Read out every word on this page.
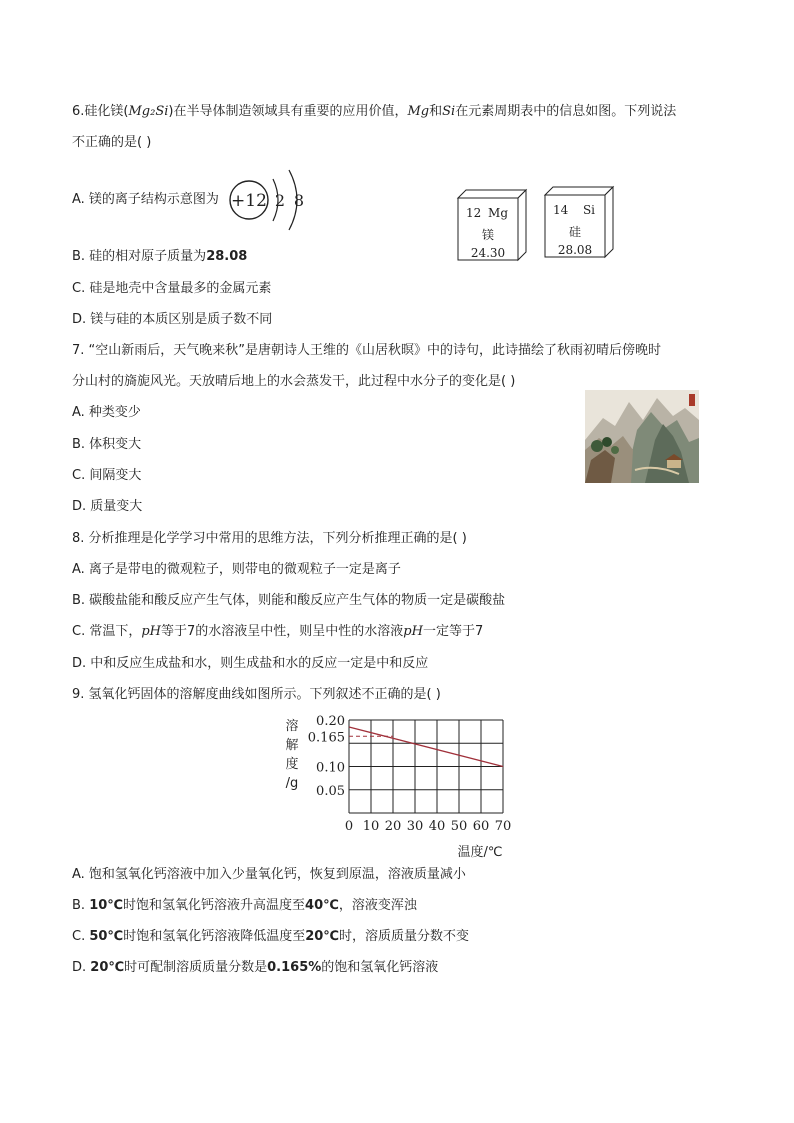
6.硅化镁(Mg₂Si)在半导体制造领域具有重要的应用价值，Mg和Si在元素周期表中的信息如图。下列说法
不正确的是( )
A. 镁的离子结构示意图为 +12 2 8
12 Mg
镁
24.30
14 Si
硅
28.08
B. 硅的相对原子质量为28.08
C. 硅是地壳中含量最多的金属元素
D. 镁与硅的本质区别是质子数不同
7. “空山新雨后，天气晚来秋”是唐朝诗人王维的《山居秋暝》中的诗句，此诗描绘了秋雨初晴后傍晚时
分山村的旖旎风光。天放晴后地上的水会蒸发干，此过程中水分子的变化是( )
A. 种类变少
B. 体积变大
C. 间隔变大
D. 质量变大
8. 分析推理是化学学习中常用的思维方法，下列分析推理正确的是( )
A. 离子是带电的微观粒子，则带电的微观粒子一定是离子
B. 碳酸盐能和酸反应产生气体，则能和酸反应产生气体的物质一定是碳酸盐
C. 常温下，pH等于7的水溶液呈中性，则呈中性的水溶液pH一定等于7
D. 中和反应生成盐和水，则生成盐和水的反应一定是中和反应
9. 氢氧化钙固体的溶解度曲线如图所示。下列叙述不正确的是( )
溶
解
度
/g
0.20
0.165
0.10
0.05
0 10 20 30 40 50 60 70
温度/℃
A. 饱和氢氧化钙溶液中加入少量氧化钙，恢复到原温，溶液质量减小
B. 10℃时饱和氢氧化钙溶液升高温度至40℃，溶液变浑浊
C. 50℃时饱和氢氧化钙溶液降低温度至20℃时，溶质质量分数不变
D. 20℃时可配制溶质质量分数是0.165%的饱和氢氧化钙溶液
